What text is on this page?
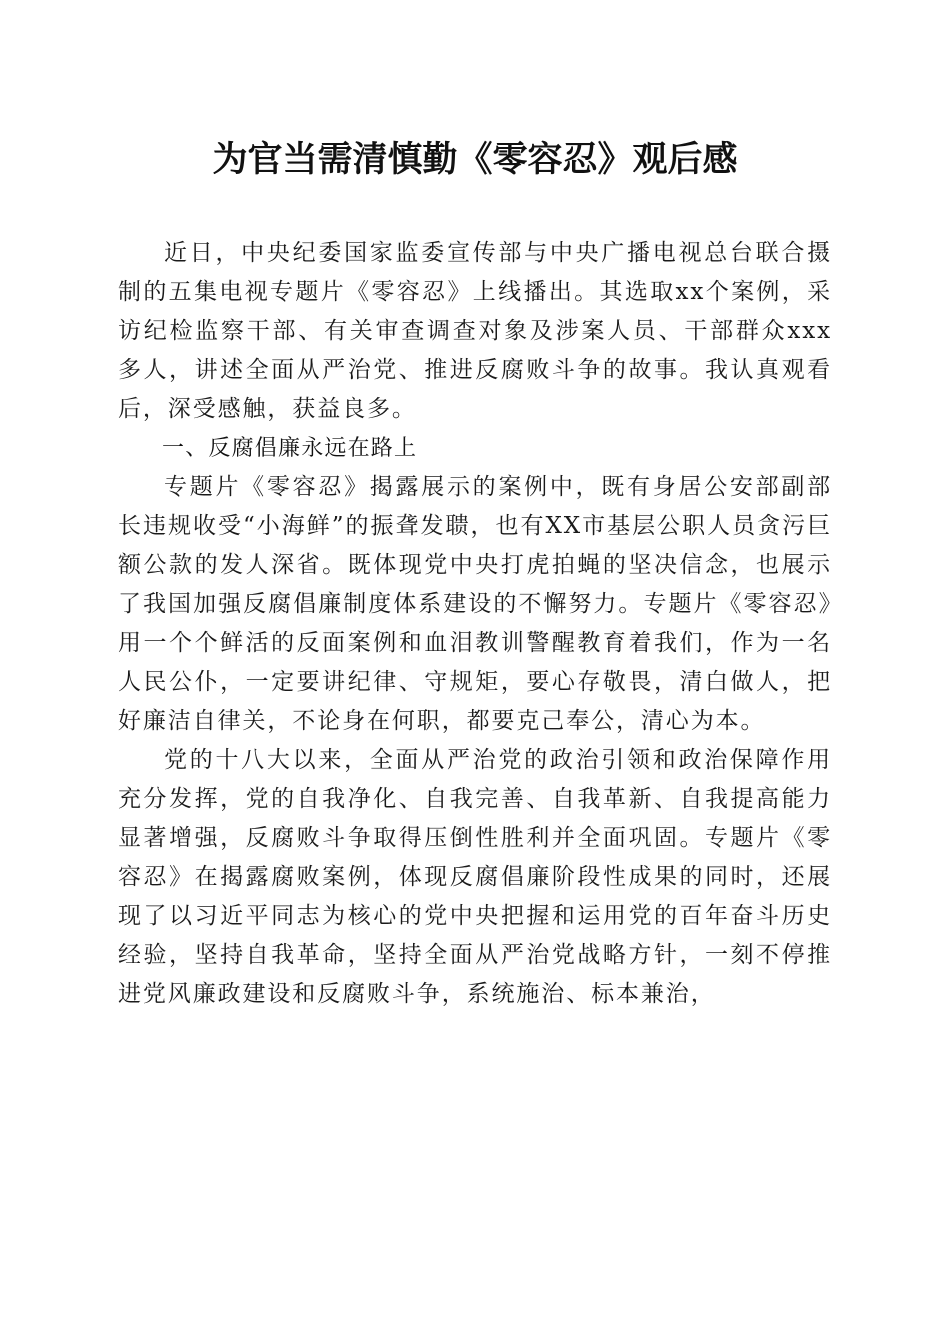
为官当需清慎勤《零容忍》观后感

近日，中央纪委国家监委宣传部与中央广播电视总台联合摄制的五集电视专题片《零容忍》上线播出。其选取xx个案例，采访纪检监察干部、有关审查调查对象及涉案人员、干部群众xxx多人，讲述全面从严治党、推进反腐败斗争的故事。我认真观看后，深受感触，获益良多。

一、反腐倡廉永远在路上

专题片《零容忍》揭露展示的案例中，既有身居公安部副部长违规收受“小海鲜”的振聋发聩，也有XX市基层公职人员贪污巨额公款的发人深省。既体现党中央打虎拍蝇的坚决信念，也展示了我国加强反腐倡廉制度体系建设的不懈努力。专题片《零容忍》用一个个鲜活的反面案例和血泪教训警醒教育着我们，作为一名人民公仆，一定要讲纪律、守规矩，要心存敬畏，清白做人，把好廉洁自律关，不论身在何职，都要克己奉公，清心为本。

党的十八大以来，全面从严治党的政治引领和政治保障作用充分发挥，党的自我净化、自我完善、自我革新、自我提高能力显著增强，反腐败斗争取得压倒性胜利并全面巩固。专题片《零容忍》在揭露腐败案例，体现反腐倡廉阶段性成果的同时，还展现了以习近平同志为核心的党中央把握和运用党的百年奋斗历史经验，坚持自我革命，坚持全面从严治党战略方针，一刻不停推进党风廉政建设和反腐败斗争，系统施治、标本兼治，
